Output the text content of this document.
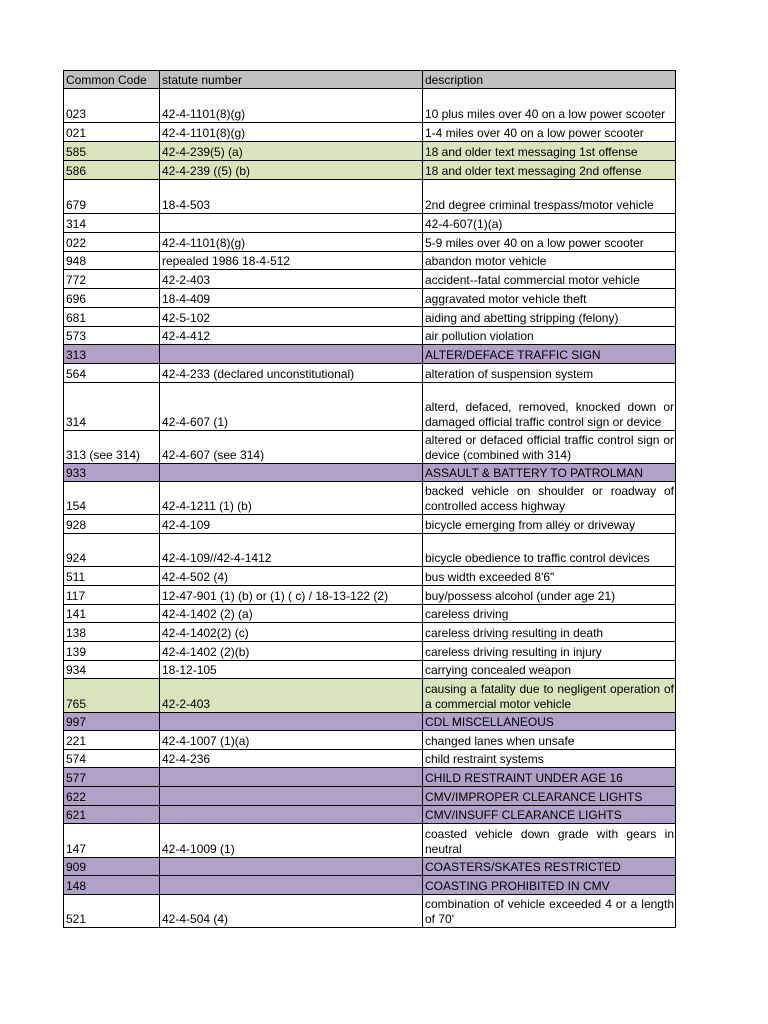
Common Code	statute number	description
023	42-4-1101(8)(g)	10 plus miles over 40 on a low power scooter
021	42-4-1101(8)(g)	1-4 miles over 40 on a low power scooter
585	42-4-239(5) (a)	18 and older text messaging 1st offense
586	42-4-239 ((5) (b)	18 and older text messaging 2nd offense
679	18-4-503	2nd degree criminal trespass/motor vehicle
314		42-4-607(1)(a)
022	42-4-1101(8)(g)	5-9 miles over 40 on a low power scooter
948	repealed 1986 18-4-512	abandon motor vehicle
772	42-2-403	accident--fatal commercial motor vehicle
696	18-4-409	aggravated motor vehicle theft
681	42-5-102	aiding and abetting stripping (felony)
573	42-4-412	air pollution violation
313		ALTER/DEFACE TRAFFIC SIGN
564	42-4-233 (declared unconstitutional)	alteration of suspension system
314	42-4-607 (1)	alterd, defaced, removed, knocked down or damaged official traffic control sign or device
313 (see 314)	42-4-607 (see 314)	altered or defaced official traffic control sign or device (combined with 314)
933		ASSAULT & BATTERY TO PATROLMAN
154	42-4-1211 (1) (b)	backed vehicle on shoulder or roadway of controlled access highway
928	42-4-109	bicycle emerging from alley or driveway
924	42-4-109//42-4-1412	bicycle obedience to traffic control devices
511	42-4-502 (4)	bus width exceeded 8'6"
117	12-47-901 (1) (b) or (1) ( c) / 18-13-122 (2)	buy/possess alcohol (under age 21)
141	42-4-1402 (2) (a)	careless driving
138	42-4-1402(2) (c)	careless driving resulting in death
139	42-4-1402 (2)(b)	careless driving resulting in injury
934	18-12-105	carrying concealed weapon
765	42-2-403	causing a fatality due to negligent operation of a commercial motor vehicle
997		CDL MISCELLANEOUS
221	42-4-1007 (1)(a)	changed lanes when unsafe
574	42-4-236	child restraint systems
577		CHILD RESTRAINT UNDER AGE 16
622		CMV/IMPROPER CLEARANCE LIGHTS
621		CMV/INSUFF CLEARANCE LIGHTS
147	42-4-1009 (1)	coasted vehicle down grade with gears in neutral
909		COASTERS/SKATES RESTRICTED
148		COASTING PROHIBITED IN CMV
521	42-4-504 (4)	combination of vehicle exceeded 4 or a length of 70'
